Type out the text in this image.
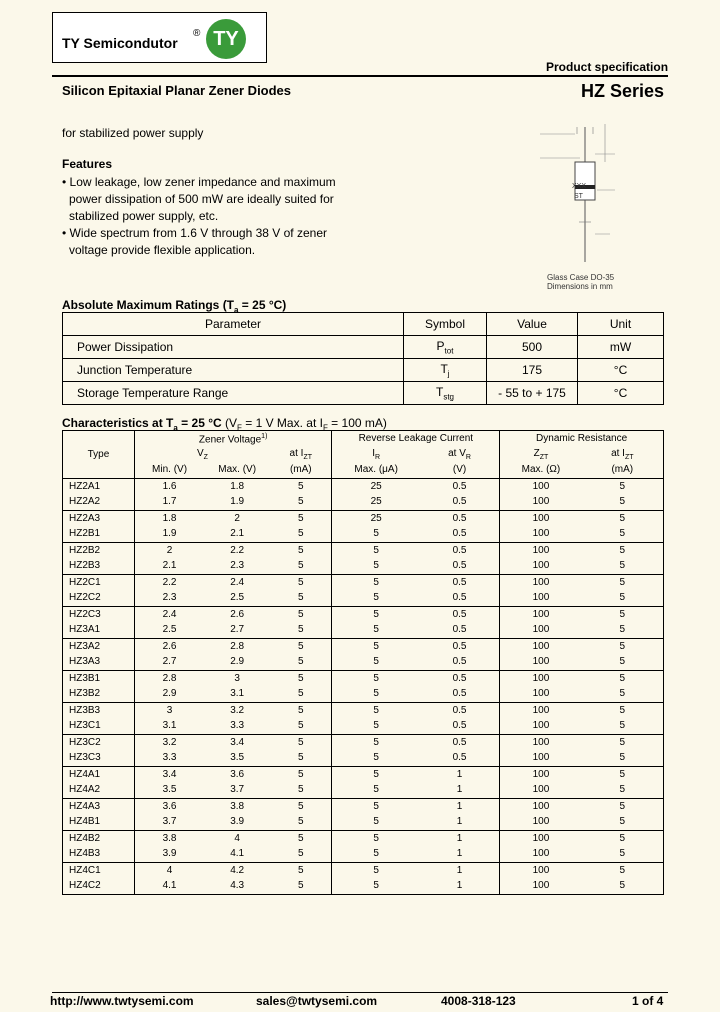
TY Semicondutor
® TY
Product specification
Silicon Epitaxial Planar Zener Diodes	HZ Series
for stabilized power supply
Features
• Low leakage, low zener impedance and maximum
power dissipation of 500 mW are ideally suited for
stabilized power supply, etc.
• Wide spectrum from 1.6 V through 38 V of zener
voltage provide flexible application.
XXX
ST
Glass Case DO-35
Dimensions in mm
Absolute Maximum Ratings ($T_a = 25$ °C)
Parameter	Symbol	Value	Unit
Power Dissipation	$P_{tot}$	500	mW
Junction Temperature	$T_j$	175	°C
Storage Temperature Range	$T_{stg}$	- 55 to + 175	°C
Characteristics at $T_a = 25$ °C ($V_F = 1$ V Max. at $I_F = 100$ mA)
Type	Zener Voltage$^{1)}$			Reverse Leakage Current		Dynamic Resistance	
	$V_Z$		at $I_{ZT}$	$I_R$	at $V_R$	$Z_{ZT}$	at $I_{ZT}$
	Min. (V)	Max. (V)	(mA)	Max. (μA)	(V)	Max. (Ω)	(mA)
HZ2A1	1.6	1.8	5	25	0.5	100	5
HZ2A2	1.7	1.9	5	25	0.5	100	5
HZ2A3	1.8	2	5	25	0.5	100	5
HZ2B1	1.9	2.1	5	5	0.5	100	5
HZ2B2	2	2.2	5	5	0.5	100	5
HZ2B3	2.1	2.3	5	5	0.5	100	5
HZ2C1	2.2	2.4	5	5	0.5	100	5
HZ2C2	2.3	2.5	5	5	0.5	100	5
HZ2C3	2.4	2.6	5	5	0.5	100	5
HZ3A1	2.5	2.7	5	5	0.5	100	5
HZ3A2	2.6	2.8	5	5	0.5	100	5
HZ3A3	2.7	2.9	5	5	0.5	100	5
HZ3B1	2.8	3	5	5	0.5	100	5
HZ3B2	2.9	3.1	5	5	0.5	100	5
HZ3B3	3	3.2	5	5	0.5	100	5
HZ3C1	3.1	3.3	5	5	0.5	100	5
HZ3C2	3.2	3.4	5	5	0.5	100	5
HZ3C3	3.3	3.5	5	5	0.5	100	5
HZ4A1	3.4	3.6	5	5	1	100	5
HZ4A2	3.5	3.7	5	5	1	100	5
HZ4A3	3.6	3.8	5	5	1	100	5
HZ4B1	3.7	3.9	5	5	1	100	5
HZ4B2	3.8	4	5	5	1	100	5
HZ4B3	3.9	4.1	5	5	1	100	5
HZ4C1	4	4.2	5	5	1	100	5
HZ4C2	4.1	4.3	5	5	1	100	5
http://www.twtysemi.com	sales@twtysemi.com	4008-318-123	1 of 4
